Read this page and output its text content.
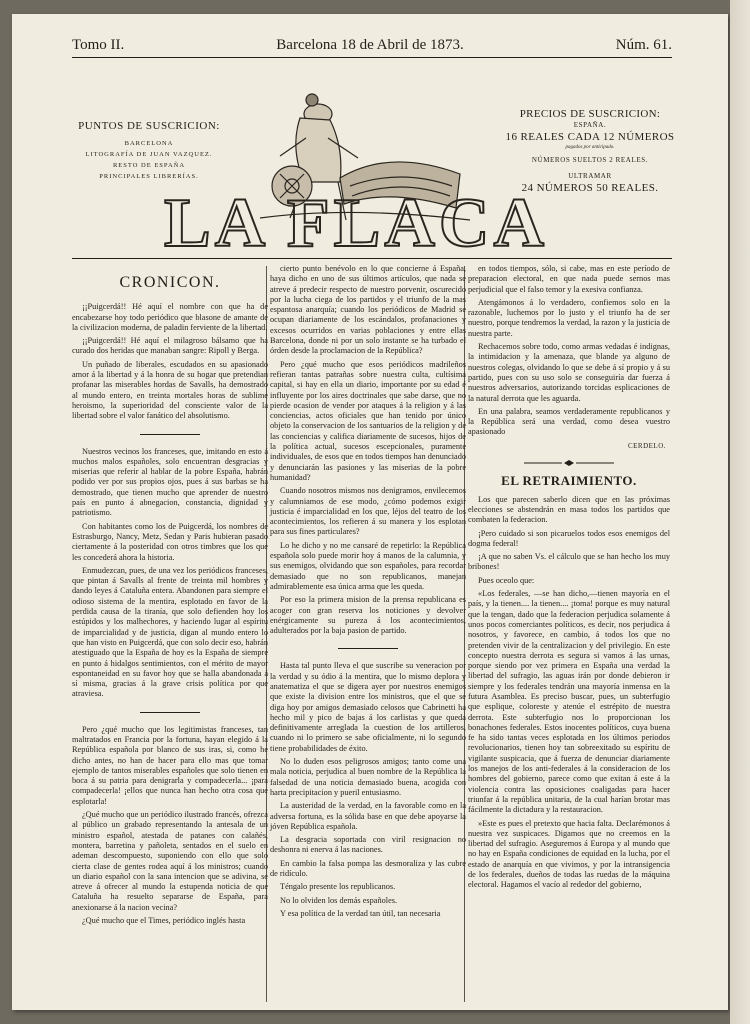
Tomo II.	Barcelona 18 de Abril de 1873.	Núm. 61.
PUNTOS DE SUSCRICION:
BARCELONA
LITOGRAFÍA DE JUAN VAZQUEZ.
RESTO DE ESPAÑA
PRINCIPALES LIBRERÍAS.
LA FLACA
PRECIOS DE SUSCRICION:
ESPAÑA.
16 REALES CADA 12 NÚMEROS
pagados por anticipado.
NÚMEROS SUELTOS 2 REALES.
ULTRAMAR
24 NÚMEROS 50 REALES.
CRONICON.

¡¡Puigcerdá!! Hé aquí el nombre con que ha de encabezarse hoy todo periódico que blasone de amante de la civilizacion moderna, de paladin ferviente de la libertad.

¡¡Puigcerdá!! Hé aquí el milagroso bálsamo que ha curado dos heridas que manaban sangre: Ripoll y Berga.

Un puñado de liberales, escudados en su apasionado amor á la libertad y á la honra de su hogar que pretendian profanar las miserables hordas de Savalls, ha demostrado al mundo entero, en treinta mortales horas de sublime heroismo, la superioridad del consciente valor de la libertad sobre el valor fanático del absolutismo.

Nuestros vecinos los franceses, que, imitando en esto á muchos malos españoles, solo encuentran desgracias y miserias que referir al hablar de la pobre España, habrán podido ver por sus propios ojos, pues á sus barbas se ha demostrado, que tienen mucho que aprender de nuestro país en punto á abnegacion, constancia, dignidad y patriotismo.

Con habitantes como los de Puigcerdá, los nombres de Estrasburgo, Nancy, Metz, Sedan y Paris hubieran pasado ciertamente á la posteridad con otros timbres que los que les concederá ahora la historia.

Enmudezcan, pues, de una vez los periódicos franceses, que pintan á Savalls al frente de treinta mil hombres y dando leyes á Cataluña entera. Abandonen para siempre el odioso sistema de la mentira, esplotado en favor de la perdida causa de la tiranía, que solo defienden hoy los estúpidos y los malhechores, y haciendo lugar al espíritu de imparcialidad y de justicia, digan al mundo entero lo que han visto en Puigcerdá, que con solo decir eso, habrán atestiguado que la España de hoy es la España de siempre en punto á hidalgos sentimientos, con el mérito de mayor espontaneidad en su favor hoy que se halla abandonada á sí misma, gracias á la grave crisis política por que atraviesa.

Pero ¿qué mucho que los legitimistas franceses, tan maltratados en Francia por la fortuna, hayan elegido á la República española por blanco de sus iras, si, como he dicho antes, no han de hacer para ello mas que tomar ejemplo de tantos miserables españoles que solo tienen en boca á su patria para denigrarla y compadecerla... ¡para compadecerla! ¡ellos que nunca han hecho otra cosa que esplotarla!

¿Qué mucho que un periódico ilustrado francés, ofrezca al público un grabado representando la antesala de un ministro español, atestada de patanes con calañés, montera, barretina y pañoleta, sentados en el suelo en ademan descompuesto, suponiendo con ello que solo cierta clase de gentes rodea aquí á los ministros; cuando un diario español con la sana intencion que se adivina, se atreve á ofrecer al mundo la estupenda noticia de que Cataluña ha resuelto separarse de España, para anexionarse á la nacion vecina?

¿Qué mucho que el Times, periódico inglés hasta

cierto punto benévolo en lo que concierne á España, haya dicho en uno de sus últimos artículos, que nada se atreve á predecir respecto de nuestro porvenir, oscurecido por la lucha ciega de los partidos y el triunfo de la mas espantosa anarquía; cuando los periódicos de Madrid se ocupan diariamente de los escándalos, profanaciones y excesos ocurridos en varias poblaciones y entre ellas Barcelona, donde ni por un solo instante se ha turbado el órden desde la proclamacion de la República?

Pero ¿qué mucho que esos periódicos madrileños refieran tantas patrañas sobre nuestra culta, cultísima capital, si hay en ella un diario, importante por su edad é influyente por los aires doctrinales que sabe darse, que no pierde ocasion de vender por ataques á la religion y á las conciencias, actos oficiales que han tenido por único objeto la conservacion de los santuarios de la religion y de las conciencias y califica diariamente de sucesos, hijos de la política actual, sucesos escepcionales, puramente individuales, de esos que en todos tiempos han denunciado y denunciarán las pasiones y las miserias de la pobre humanidad?

Cuando nosotros mismos nos denigramos, envilecemos y calumniamos de ese modo, ¿cómo podemos exigir justicia é imparcialidad en los que, léjos del teatro de los acontecimientos, los refieren á su manera y los esplotan para sus fines particulares?

Lo he dicho y no me cansaré de repetirlo: la República española solo puede morir hoy á manos de la calumnia, y sus enemigos, olvidando que son españoles, para recordar demasiado que no son republicanos, manejan admirablemente esa única arma que les queda.

Por eso la primera mision de la prensa republicana es acoger con gran reserva los noticiones y devolver enérgicamente su pureza á los acontecimientos, adulterados por la baja pasion de partido.

Hasta tal punto lleva el que suscribe su veneracion por la verdad y su ódio á la mentira, que lo mismo deplora y anatematiza el que se digera ayer por nuestros enemigos que existe la division entre los ministros, que el que se diga hoy por amigos demasiado celosos que Cabrinetti ha hecho mil y pico de bajas á los carlistas y que queda definitivamente arreglada la cuestion de los artilleros, cuando ni lo primero se sabe oficialmente, ni lo segundo tiene probabilidades de éxito.

No lo duden esos peligrosos amigos; tanto come una mala noticia, perjudica al buen nombre de la República la falsedad de una noticia demasiado buena, acogida con harta precipitacion y pueril entusiasmo.

La austeridad de la verdad, en la favorable como en la adversa fortuna, es la sólida base en que debe apoyarse la jóven República española.

La desgracia soportada con viril resignacion no deshonra ni enerva á las naciones.

En cambio la falsa pompa las desmoraliza y las cubre de ridículo.

Téngalo presente los republicanos.

No lo olviden los demás españoles.

Y esa política de la verdad tan útil, tan necesaria

en todos tiempos, sólo, si cabe, mas en este período de preparacion electoral, en que nada puede sernos mas perjudicial que el falso temor y la exesiva confianza.

Atengámonos á lo verdadero, confiemos solo en la razonable, luchemos por lo justo y el triunfo ha de ser nuestro, porque tendremos la verdad, la razon y la justicia de nuestra parte.

Rechacemos sobre todo, como armas vedadas é indignas, la intimidacion y la amenaza, que blande ya alguno de nuestros colegas, olvidando lo que se debe á sí propio y á su partido, pues con su uso solo se conseguiría dar fuerza á nuestros adversarios, autorizando torcidas esplicaciones de la natural derrota que les aguarda.

En una palabra, seamos verdaderamente republicanos y la República será una verdad, como desea vuestro apasionado

CERDELO.
EL RETRAIMIENTO.

Los que parecen saberlo dicen que en las próximas elecciones se abstendrán en masa todos los partidos que combaten la federacion.

¡Pero cuidado si son picaruelos todos esos enemigos del dogma federal!

¡A que no saben Vs. el cálculo que se han hecho los muy bribones!

Pues oceolo que:

«Los federales, —se han dicho,—tienen mayoría en el país, y la tienen.... la tienen.... ¡toma! porque es muy natural que la tengan, dado que la federacion perjudica solamente á unos pocos comerciantes políticos, es decir, nos perjudica á nosotros, y favorece, en cambio, á todos los que no pretenden vivir de la centralizacion y del privilegio. En este concepto nuestra derrota es segura si vamos á las urnas, porque siendo por vez primera en España una verdad la libertad del sufragio, las aguas irán por donde debieron ir siempre y los federales tendrán una mayoría inmensa en la futura Asamblea. Es preciso buscar, pues, un subterfugio que esplique, coloreste y atenúe el estrépito de nuestra derrota. Este subterfugio nos lo proporcionan los bonachones federales. Estos inocentes políticos, cuya buena fe ha sido tantas veces esplotada en los últimos periodos revolucionarios, tienen hoy tan sobreexitado su espíritu de vigilante suspicacia, que á fuerza de denunciar diariamente los manejos de los anti-federales á la consideracion de los hombres del gobierno, parece como que exitan á este á la violencia contra las oposiciones coaligadas para hacer triunfar á la república unitaria, de la cual harían brotar mas fácilmente la dictadura y la restauracion.

»Este es pues el pretexto que hacia falta. Declarémonos á nuestra vez suspicaces. Digamos que no creemos en la libertad del sufragio. Aseguremos á Europa y al mundo que no hay en España condiciones de equidad en la lucha, por el estado de anarquía en que vivimos, y por la intransigencia de los federales, dueños de todas las ruedas de la máquina electoral. Hagamos el vacío al rededor del gobierno,
